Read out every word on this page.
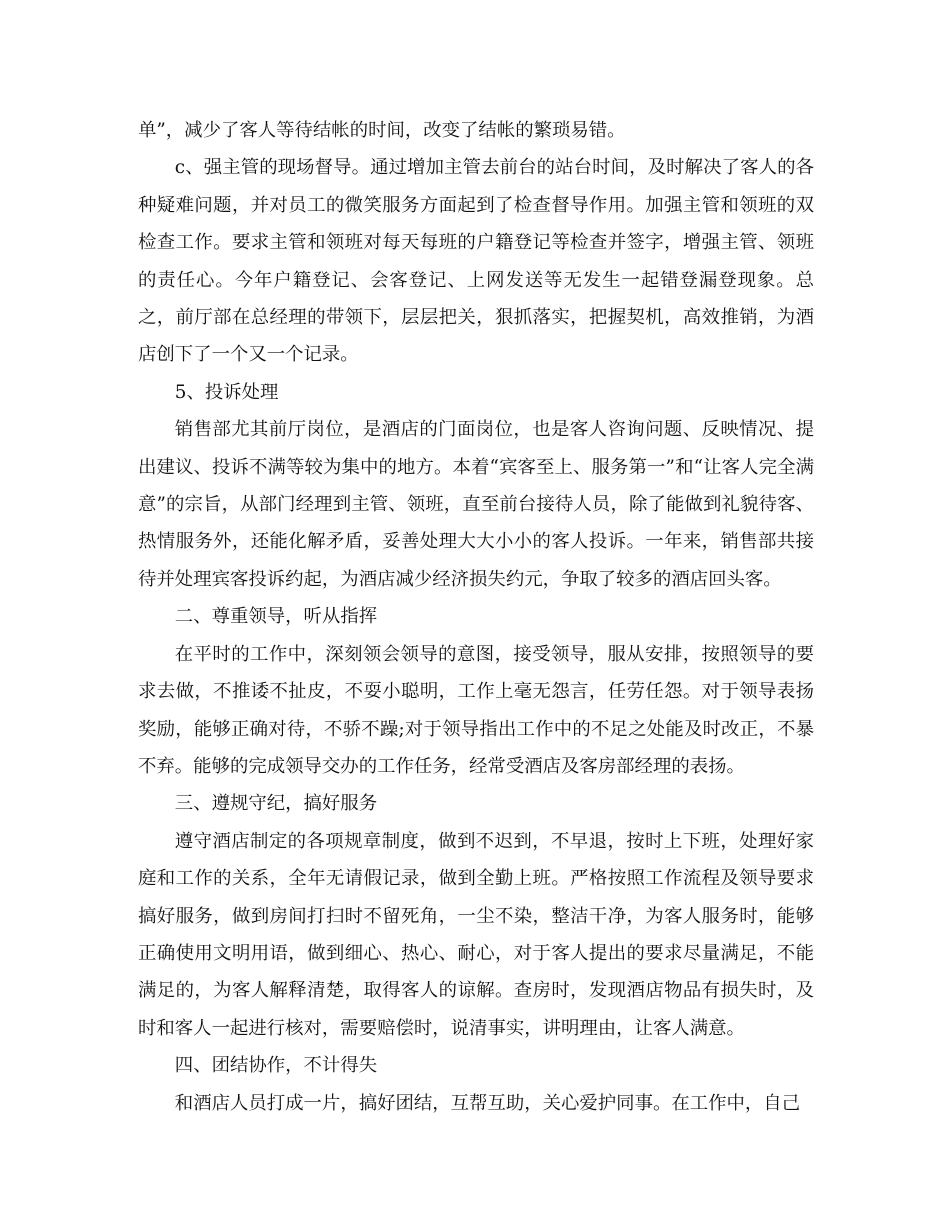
单”，减少了客人等待结帐的时间，改变了结帐的繁琐易错。

c、强主管的现场督导。通过增加主管去前台的站台时间，及时解决了客人的各种疑难问题，并对员工的微笑服务方面起到了检查督导作用。加强主管和领班的双检查工作。要求主管和领班对每天每班的户籍登记等检查并签字，增强主管、领班的责任心。今年户籍登记、会客登记、上网发送等无发生一起错登漏登现象。总之，前厅部在总经理的带领下，层层把关，狠抓落实，把握契机，高效推销，为酒店创下了一个又一个记录。

5、投诉处理

销售部尤其前厅岗位，是酒店的门面岗位，也是客人咨询问题、反映情况、提出建议、投诉不满等较为集中的地方。本着“宾客至上、服务第一”和“让客人完全满意”的宗旨，从部门经理到主管、领班，直至前台接待人员，除了能做到礼貌待客、热情服务外，还能化解矛盾，妥善处理大大小小的客人投诉。一年来，销售部共接待并处理宾客投诉约起，为酒店减少经济损失约元，争取了较多的酒店回头客。

二、尊重领导，听从指挥

在平时的工作中，深刻领会领导的意图，接受领导，服从安排，按照领导的要求去做，不推诿不扯皮，不耍小聪明，工作上毫无怨言，任劳任怨。对于领导表扬奖励，能够正确对待，不骄不躁;对于领导指出工作中的不足之处能及时改正，不暴不弃。能够的完成领导交办的工作任务，经常受酒店及客房部经理的表扬。

三、遵规守纪，搞好服务

遵守酒店制定的各项规章制度，做到不迟到，不早退，按时上下班，处理好家庭和工作的关系，全年无请假记录，做到全勤上班。严格按照工作流程及领导要求搞好服务，做到房间打扫时不留死角，一尘不染，整洁干净，为客人服务时，能够正确使用文明用语，做到细心、热心、耐心，对于客人提出的要求尽量满足，不能满足的，为客人解释清楚，取得客人的谅解。查房时，发现酒店物品有损失时，及时和客人一起进行核对，需要赔偿时，说清事实，讲明理由，让客人满意。

四、团结协作，不计得失

和酒店人员打成一片，搞好团结，互帮互助，关心爱护同事。在工作中，自己
